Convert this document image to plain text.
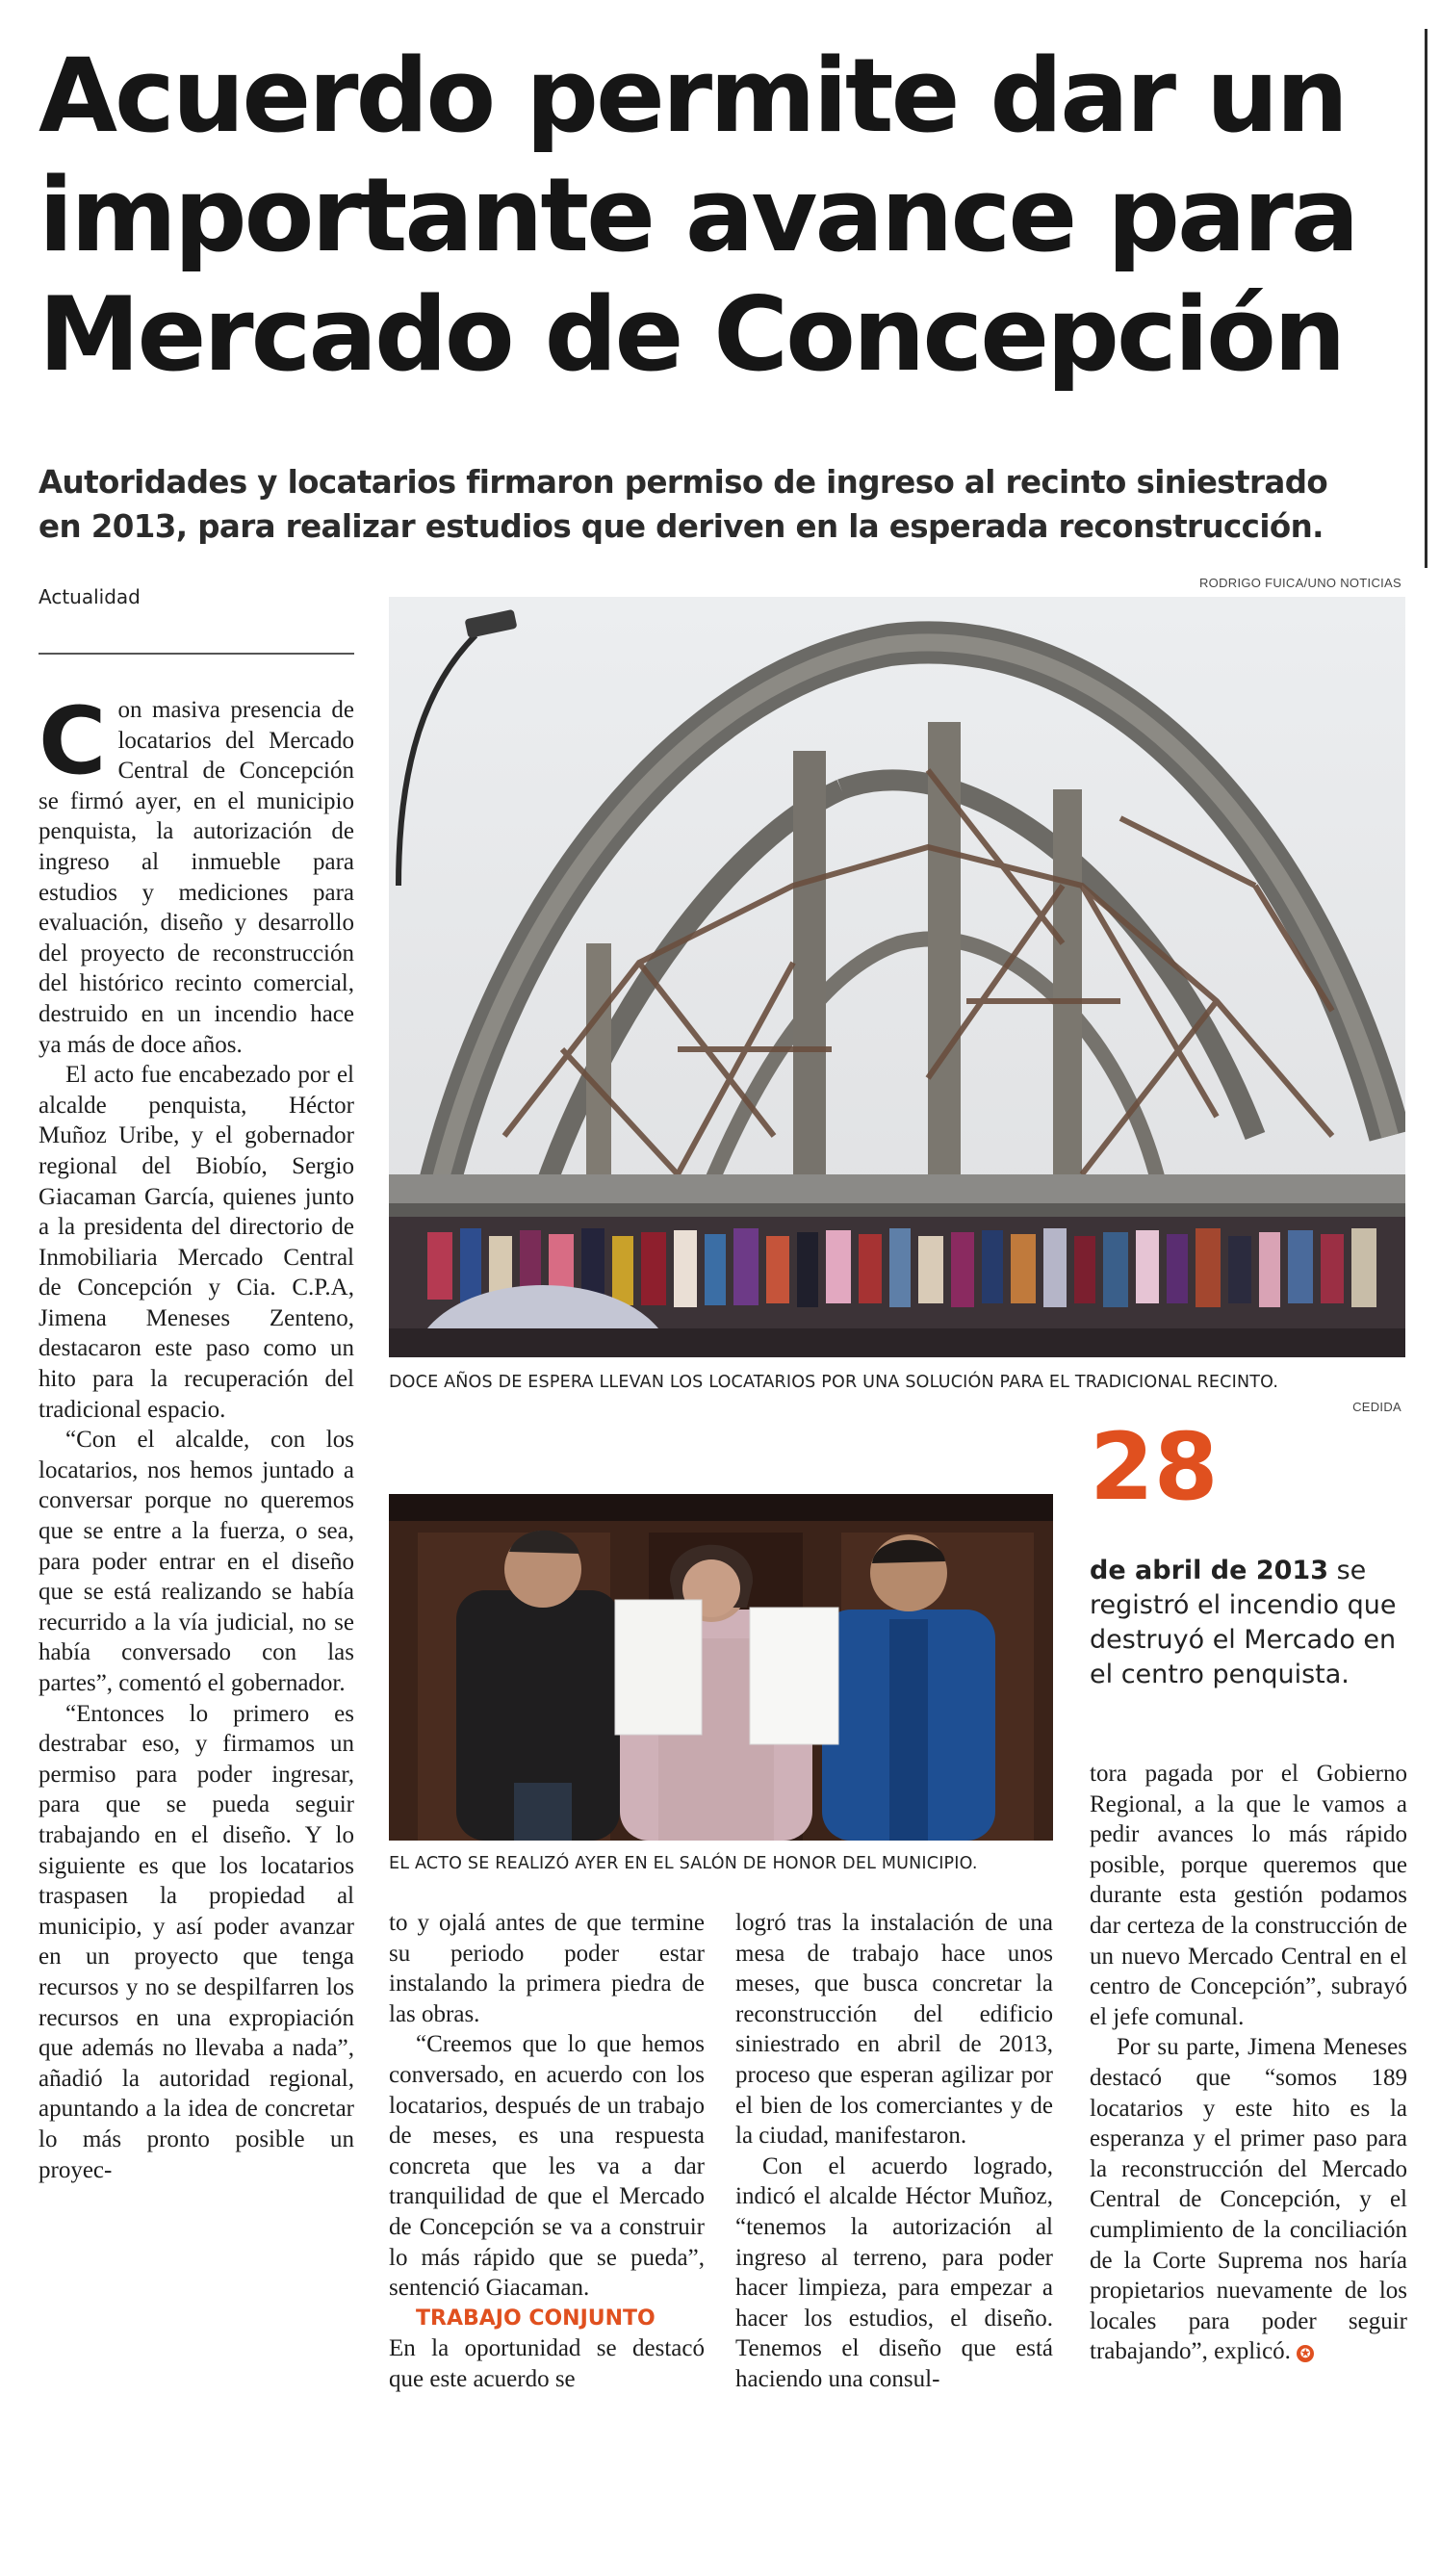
Acuerdo permite dar un
importante avance para
Mercado de Concepción
Autoridades y locatarios firmaron permiso de ingreso al recinto siniestrado
en 2013, para realizar estudios que deriven en la esperada reconstrucción.
Actualidad
RODRIGO FUICA/UNO NOTICIAS
DOCE AÑOS DE ESPERA LLEVAN LOS LOCATARIOS POR UNA SOLUCIÓN PARA EL TRADICIONAL RECINTO.
CEDIDA
EL ACTO SE REALIZÓ AYER EN EL SALÓN DE HONOR DEL MUNICIPIO.
28
de abril de 2013 se registró el incendio que destruyó el Mercado en el centro penquista.

Con masiva presencia de locatarios del Mercado Central de Concepción se firmó ayer, en el municipio penquista, la autorización de ingreso al inmueble para estudios y mediciones para evaluación, diseño y desarrollo del proyecto de reconstrucción del histórico recinto comercial, destruido en un incendio hace ya más de doce años.

El acto fue encabezado por el alcalde penquista, Héctor Muñoz Uribe, y el gobernador regional del Biobío, Sergio Giacaman García, quienes junto a la presidenta del directorio de Inmobiliaria Mercado Central de Concepción y Cia. C.P.A, Jimena Meneses Zenteno, destacaron este paso como un hito para la recuperación del tradicional espacio.

“Con el alcalde, con los locatarios, nos hemos juntado a conversar porque no queremos que se entre a la fuerza, o sea, para poder entrar en el diseño que se está realizando se había recurrido a la vía judicial, no se había conversado con las partes”, comentó el gobernador.

“Entonces lo primero es destrabar eso, y firmamos un permiso para poder ingresar, para que se pueda seguir trabajando en el diseño. Y lo siguiente es que los locatarios traspasen la propiedad al municipio, y así poder avanzar en un proyecto que tenga recursos y no se despilfarren los recursos en una expropiación que además no llevaba a nada”, añadió la autoridad regional, apuntando a la idea de concretar lo más pronto posible un proyec-

to y ojalá antes de que termine su periodo poder estar instalando la primera piedra de las obras.

“Creemos que lo que hemos conversado, en acuerdo con los locatarios, después de un trabajo de meses, es una respuesta concreta que les va a dar tranquilidad de que el Mercado de Concepción se va a construir lo más rápido que se pueda”, sentenció Giacaman.

TRABAJO CONJUNTO

En la oportunidad se destacó que este acuerdo se

logró tras la instalación de una mesa de trabajo hace unos meses, que busca concretar la reconstrucción del edificio siniestrado en abril de 2013, proceso que esperan agilizar por el bien de los comerciantes y de la ciudad, manifestaron.

Con el acuerdo logrado, indicó el alcalde Héctor Muñoz, “tenemos la autorización al ingreso al terreno, para poder hacer limpieza, para empezar a hacer los estudios, el diseño. Tenemos el diseño que está haciendo una consul-

tora pagada por el Gobierno Regional, a la que le vamos a pedir avances lo más rápido posible, porque queremos que durante esta gestión podamos dar certeza de la construcción de un nuevo Mercado Central en el centro de Concepción”, subrayó el jefe comunal.

Por su parte, Jimena Meneses destacó que “somos 189 locatarios y este hito es la esperanza y el primer paso para la reconstrucción del Mercado Central de Concepción, y el cumplimiento de la conciliación de la Corte Suprema nos haría propietarios nuevamente de los locales para poder seguir trabajando”, explicó. ✪
